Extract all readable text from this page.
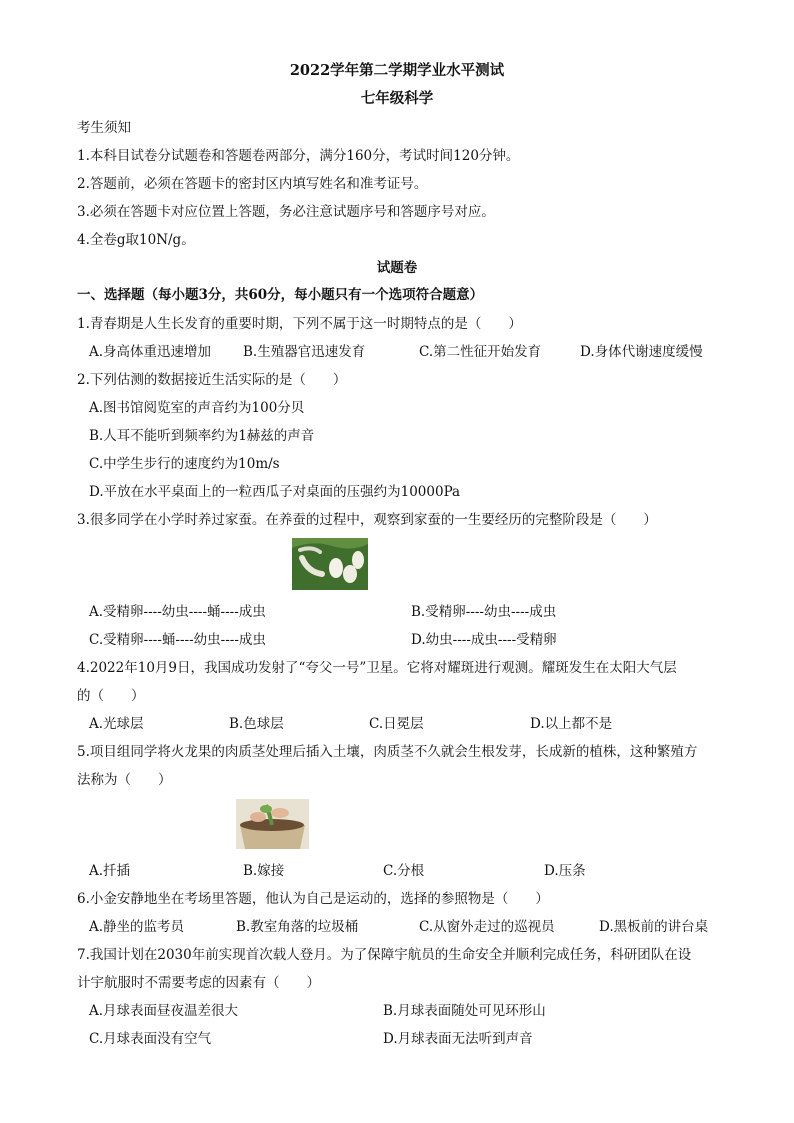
2022学年第二学期学业水平测试
七年级科学
考生须知
1.本科目试卷分试题卷和答题卷两部分，满分160分，考试时间120分钟。
2.答题前，必须在答题卡的密封区内填写姓名和准考证号。
3.必须在答题卡对应位置上答题，务必注意试题序号和答题序号对应。
4.全卷g取10N/g。
试题卷
一、选择题（每小题3分，共60分，每小题只有一个选项符合题意）
1.青春期是人生长发育的重要时期，下列不属于这一时期特点的是（　　）
A.身高体重迅速增加 B.生殖器官迅速发育	C.第二性征开始发育	D.身体代谢速度缓慢
2.下列估测的数据接近生活实际的是（　　）
A.图书馆阅览室的声音约为100分贝
B.人耳不能听到频率约为1赫兹的声音
C.中学生步行的速度约为10m/s
D.平放在水平桌面上的一粒西瓜子对桌面的压强约为10000Pa
3.很多同学在小学时养过家蚕。在养蚕的过程中，观察到家蚕的一生要经历的完整阶段是（　　）
A.受精卵----幼虫----蛹----成虫	B.受精卵----幼虫----成虫
C.受精卵----蛹----幼虫----成虫	D.幼虫----成虫----受精卵
4.2022年10月9日，我国成功发射了“夸父一号”卫星。它将对耀斑进行观测。耀斑发生在太阳大气层
的（　　）
A.光球层	B.色球层	C.日冕层	D.以上都不是
5.项目组同学将火龙果的肉质茎处理后插入土壤，肉质茎不久就会生根发芽，长成新的植株，这种繁殖方
法称为（　　）
A.扦插	B.嫁接	C.分根	D.压条
6.小金安静地坐在考场里答题，他认为自己是运动的，选择的参照物是（　　）
A.静坐的监考员	B.教室角落的垃圾桶	C.从窗外走过的巡视员	D.黑板前的讲台桌
7.我国计划在2030年前实现首次载人登月。为了保障宇航员的生命安全并顺利完成任务，科研团队在设
计宇航服时不需要考虑的因素有（　　）
A.月球表面昼夜温差很大	B.月球表面随处可见环形山
C.月球表面没有空气	D.月球表面无法听到声音
